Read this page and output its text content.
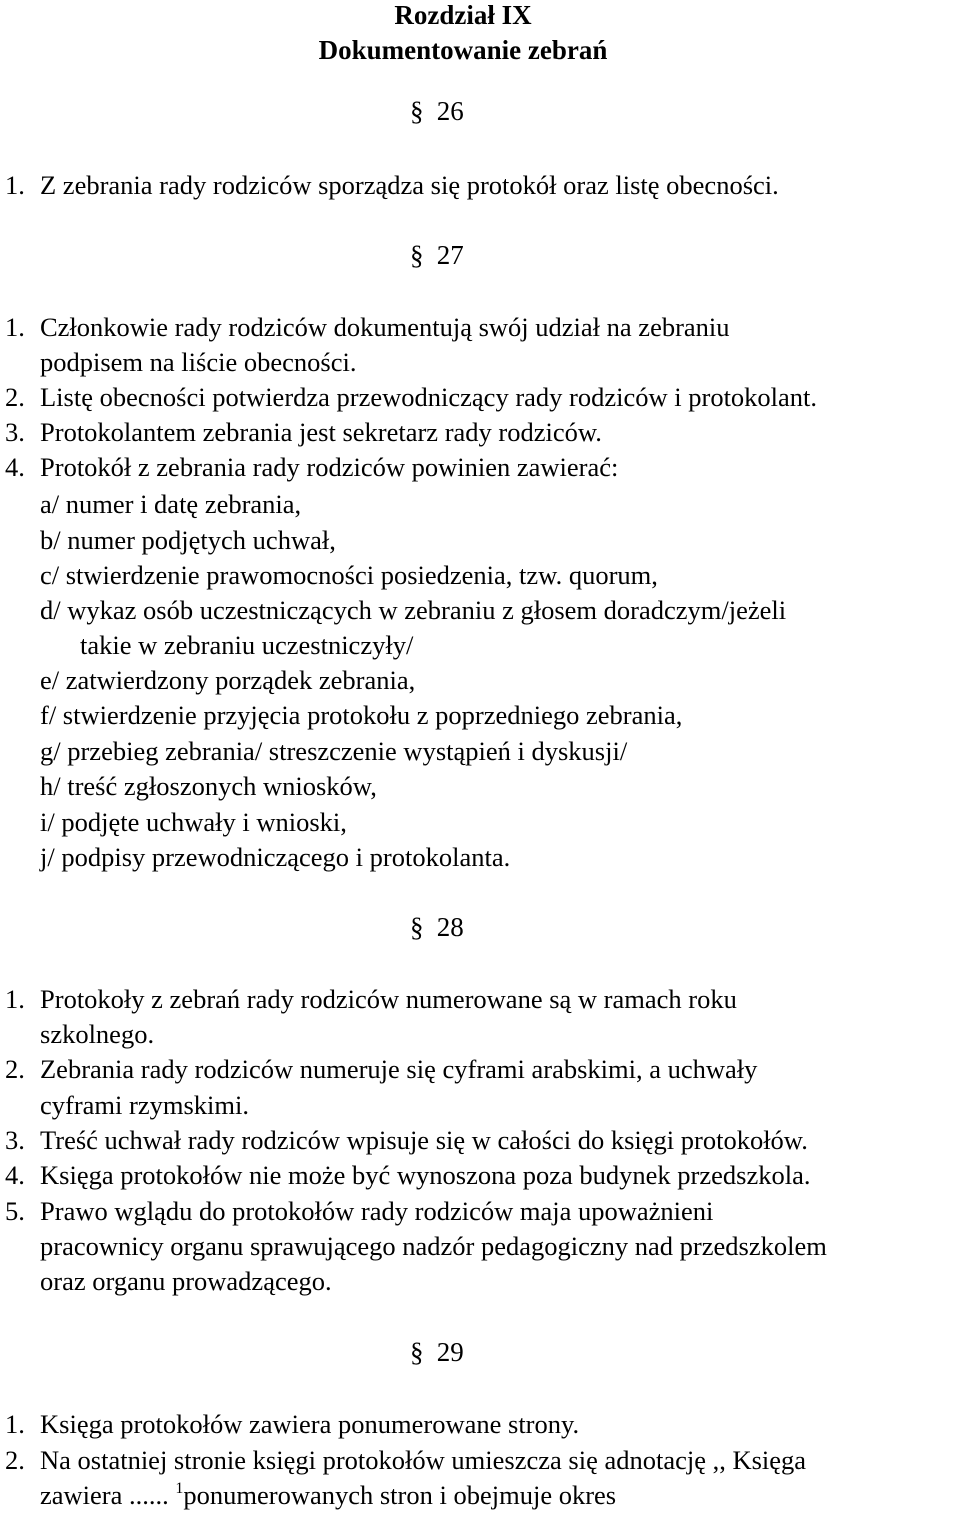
Rozdział IX
Dokumentowanie zebrań
§ 26
1. Z zebrania rady rodziców sporządza się protokół oraz listę obecności.
§ 27
1. Członkowie rady rodziców dokumentują swój udział na zebraniu
podpisem na liście obecności.
2. Listę obecności potwierdza przewodniczący rady rodziców i protokolant.
3. Protokolantem zebrania jest sekretarz rady rodziców.
4. Protokół z zebrania rady rodziców powinien zawierać:
a/ numer i datę zebrania,
b/ numer podjętych uchwał,
c/ stwierdzenie prawomocności posiedzenia, tzw. quorum,
d/ wykaz osób uczestniczących w zebraniu z głosem doradczym/jeżeli
takie w zebraniu uczestniczyły/
e/ zatwierdzony porządek zebrania,
f/ stwierdzenie przyjęcia protokołu z poprzedniego zebrania,
g/ przebieg zebrania/ streszczenie wystąpień i dyskusji/
h/ treść zgłoszonych wniosków,
i/ podjęte uchwały i wnioski,
j/ podpisy przewodniczącego i protokolanta.
§ 28
1. Protokoły z zebrań rady rodziców numerowane są w ramach roku
szkolnego.
2. Zebrania rady rodziców numeruje się cyframi arabskimi, a uchwały
cyframi rzymskimi.
3. Treść uchwał rady rodziców wpisuje się w całości do księgi protokołów.
4. Księga protokołów nie może być wynoszona poza budynek przedszkola.
5. Prawo wglądu do protokołów rady rodziców maja upoważnieni
pracownicy organu sprawującego nadzór pedagogiczny nad przedszkolem
oraz organu prowadzącego.
§ 29
1. Księga protokołów zawiera ponumerowane strony.
2. Na ostatniej stronie księgi protokołów umieszcza się adnotację ,, Księga
zawiera ...... $^1$ponumerowanych stron i obejmuje okres
